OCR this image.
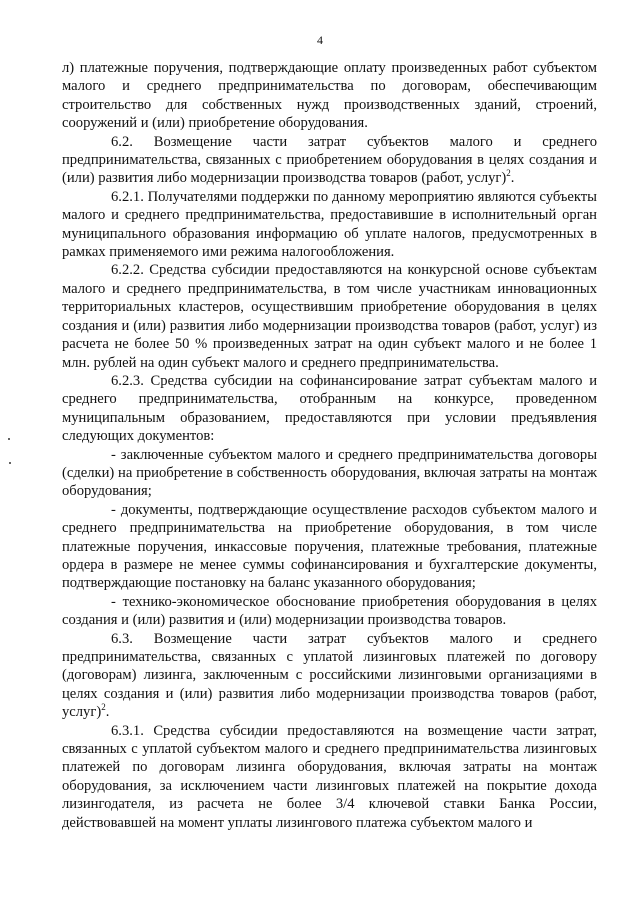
4

л) платежные поручения, подтверждающие оплату произведенных работ субъектом малого и среднего предпринимательства по договорам, обеспечивающим строительство для собственных нужд производственных зданий, строений, сооружений и (или) приобретение оборудования.

6.2. Возмещение части затрат субъектов малого и среднего предпринимательства, связанных с приобретением оборудования в целях создания и (или) развития либо модернизации производства товаров (работ, услуг)$^2$.

6.2.1. Получателями поддержки по данному мероприятию являются субъекты малого и среднего предпринимательства, предоставившие в исполнительный орган муниципального образования информацию об уплате налогов, предусмотренных в рамках применяемого ими режима налогообложения.

6.2.2. Средства субсидии предоставляются на конкурсной основе субъектам малого и среднего предпринимательства, в том числе участникам инновационных территориальных кластеров, осуществившим приобретение оборудования в целях создания и (или) развития либо модернизации производства товаров (работ, услуг) из расчета не более 50 % произведенных затрат на один субъект малого и не более 1 млн. рублей на один субъект малого и среднего предпринимательства.

6.2.3. Средства субсидии на софинансирование затрат субъектам малого и среднего предпринимательства, отобранным на конкурсе, проведенном муниципальным образованием, предоставляются при условии предъявления следующих документов:

- заключенные субъектом малого и среднего предпринимательства договоры (сделки) на приобретение в собственность оборудования, включая затраты на монтаж оборудования;

- документы, подтверждающие осуществление расходов субъектом малого и среднего предпринимательства на приобретение оборудования, в том числе платежные поручения, инкассовые поручения, платежные требования, платежные ордера в размере не менее суммы софинансирования и бухгалтерские документы, подтверждающие постановку на баланс указанного оборудования;

- технико-экономическое обоснование приобретения оборудования в целях создания и (или) развития и (или) модернизации производства товаров.

6.3. Возмещение части затрат субъектов малого и среднего предпринимательства, связанных с уплатой лизинговых платежей по договору (договорам) лизинга, заключенным с российскими лизинговыми организациями в целях создания и (или) развития либо модернизации производства товаров (работ, услуг)$^2$.

6.3.1. Средства субсидии предоставляются на возмещение части затрат, связанных с уплатой субъектом малого и среднего предпринимательства лизинговых платежей по договорам лизинга оборудования, включая затраты на монтаж оборудования, за исключением части лизинговых платежей на покрытие дохода лизингодателя, из расчета не более 3/4 ключевой ставки Банка России, действовавшей на момент уплаты лизингового платежа субъектом малого и
